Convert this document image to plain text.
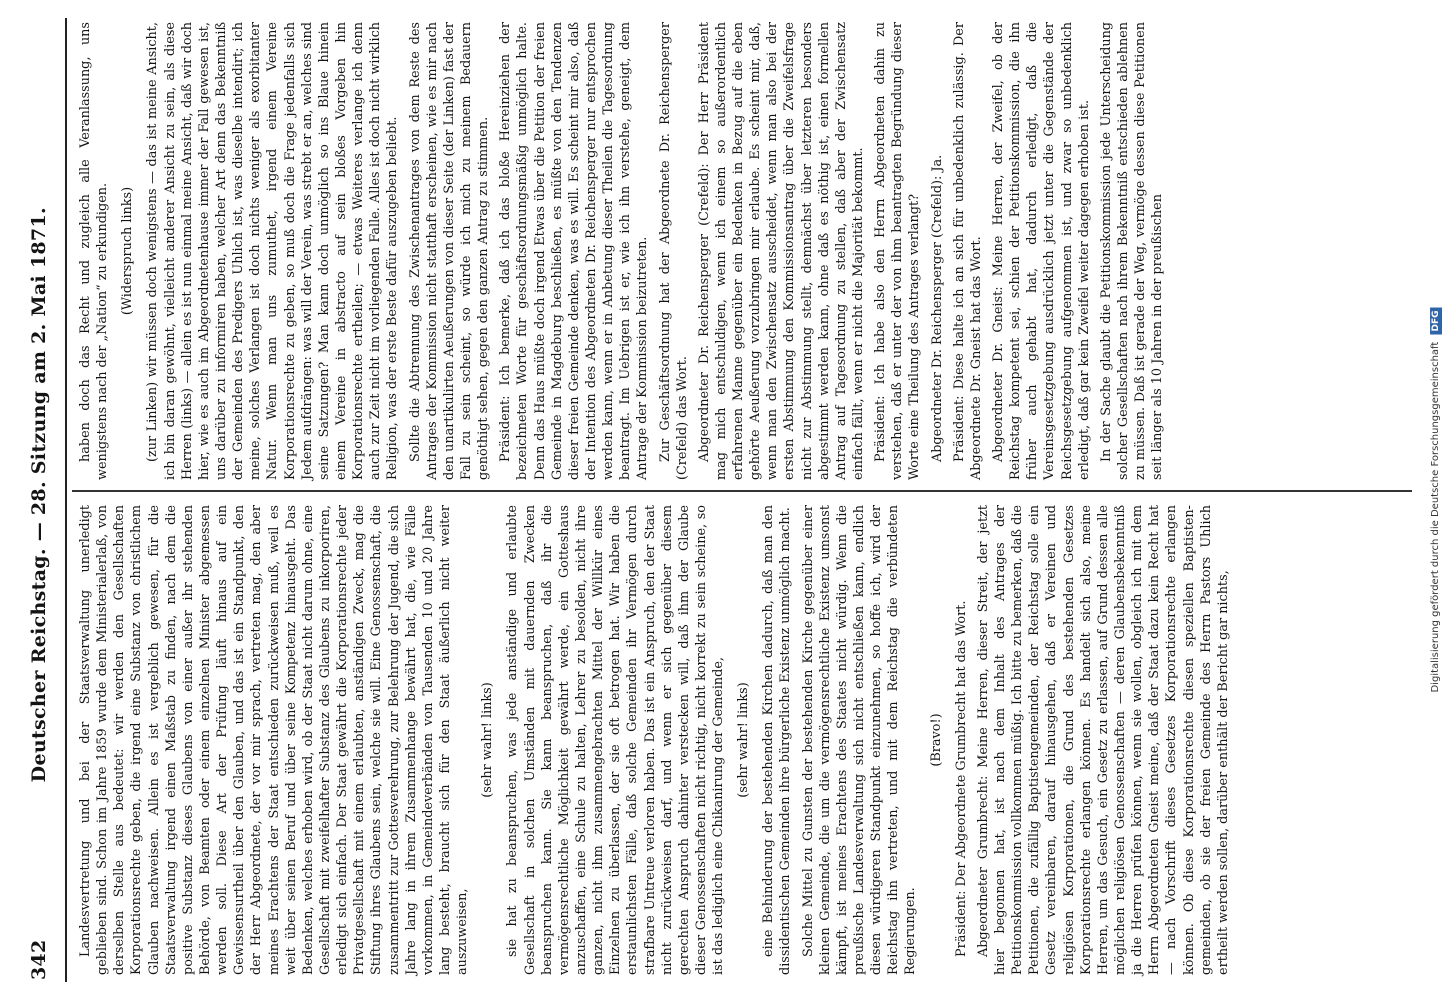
342
Deutscher Reichstag. — 28. Sitzung am 2. Mai 1871. haben doch das Recht und zugleich alle Veranlassung, uns wenigstens nach der „Nation“ zu erkundigen. (Widerspruch links) (zur Linken) wir müssen doch wenigstens — das ist meine Ansicht, ich bin daran gewöhnt, vielleicht anderer Ansicht zu sein, als diese Herren (links) — allein es ist nun einmal meine Ansicht, daß wir doch hier, wie es auch im Abgeordnetenhause immer der Fall gewesen ist, uns darüber zu informiren haben, welcher Art denn das Bekenntniß der Gemeinden des Predigers Uhlich ist, was dieselbe intendirt; ich meine, solches Verlangen ist doch nichts weniger als exorbitanter Natur. Wenn man uns zumuthet, irgend einem Vereine Korporationsrechte zu geben, so muß doch die Frage jedenfalls sich Jedem aufdrängen: was will der Verein, was strebt er an, welches sind seine Satzungen? Man kann doch unmöglich so ins Blaue hinein einem Vereine in abstracto auf sein bloßes Vorgeben hin Korporationsrechte ertheilen; — etwas Weiteres verlange ich denn auch zur Zeit nicht im vorliegenden Falle. Alles ist doch nicht wirklich Religion, was der erste Beste dafür auszugeben beliebt. Sollte die Abtrennung des Zwischenantrages von dem Reste des Antrages der Kommission nicht statthaft erscheinen, wie es mir nach den unartikulirten Aeußerungen von dieser Seite (der Linken) fast der Fall zu sein scheint, so würde ich mich zu meinem Bedauern genöthigt sehen, gegen den ganzen Antrag zu stimmen. Präsident: Ich bemerke, daß ich das bloße Hereinziehen der bezeichneten Worte für geschäftsordnungsmäßig unmöglich halte. Denn das Haus müßte doch irgend Etwas über die Petition der freien Gemeinde in Magdeburg beschließen, es müßte von den Tendenzen dieser freien Gemeinde denken, was es will. Es scheint mir also, daß der Intention des Abgeordneten Dr. Reichensperger nur entsprochen werden kann, wenn er in Anbetung dieser Theilen die Tagesordnung beantragt. Im Uebrigen ist er, wie ich ihn verstehe, geneigt, dem Antrage der Kommission beizutreten. Zur Geschäftsordnung hat der Abgeordnete Dr. Reichensperger (Crefeld) das Wort. Abgeordneter Dr. Reichensperger (Crefeld): Der Herr Präsident mag mich entschuldigen, wenn ich einem so außerordentlich erfahrenen Manne gegenüber ein Bedenken in Bezug auf die eben gehörte Aeußerung vorzubringen mir erlaube. Es scheint mir, daß, wenn man den Zwischensatz ausscheidet, wenn man also bei der ersten Abstimmung den Kommissionsantrag über die Zweifelsfrage nicht zur Abstimmung stellt, demnächst über letzteren besonders abgestimmt werden kann, ohne daß es nöthig ist, einen formellen Antrag auf Tagesordnung zu stellen, daß aber der Zwischensatz einfach fällt, wenn er nicht die Majorität bekommt. Präsident: Ich habe also den Herrn Abgeordneten dahin zu verstehen, daß er unter der von ihm beantragten Begründung dieser Worte eine Theilung des Antrages verlangt? Abgeordneter Dr. Reichensperger (Crefeld): Ja. Präsident: Diese halte ich an sich für unbedenklich zulässig. Der Abgeordnete Dr. Gneist hat das Wort. Abgeordneter Dr. Gneist: Meine Herren, der Zweifel, ob der Reichstag kompetent sei, schien der Petitionskommission, die ihn früher auch gehabt hat, dadurch erledigt, daß die Vereinsgesetzgebung ausdrücklich jetzt unter die Gegenstände der Reichsgesetzgebung aufgenommen ist, und zwar so unbedenklich erledigt, daß gar kein Zweifel weiter dagegen erhoben ist. In der Sache glaubt die Petitionskommission jede Unterscheidung solcher Gesellschaften nach ihrem Bekenntniß entschieden ablehnen zu müssen. Daß ist gerade der Weg, vermöge dessen diese Petitionen seit länger als 10 Jahren in der preußischen

Landesvertretung und bei der Staatsverwaltung unerledigt geblieben sind. Schon im Jahre 1859 wurde dem Ministerialerlaß, von derselben Stelle aus bedeutet: wir werden den Gesellschaften Korporationsrechte geben, die irgend eine Substanz von christlichem Glauben nachweisen. Allein es ist vergeblich gewesen, für die Staatsverwaltung irgend einen Maßstab zu finden, nach dem die positive Substanz dieses Glaubens von einer außer ihr stehenden Behörde, von Beamten oder einem einzelnen Minister abgemessen werden soll. Diese Art der Prüfung läuft hinaus auf ein Gewissensurtheil über den Glauben, und das ist ein Standpunkt, den der Herr Abgeordnete, der vor mir sprach, vertreten mag, den aber meines Erachtens der Staat entschieden zurückweisen muß, weil es weit über seinen Beruf und über seine Kompetenz hinausgeht. Das Bedenken, welches erhoben wird, ob der Staat nicht darum ohne, eine Gesellschaft mit zweifelhafter Substanz des Glaubens zu inkorporiren, erledigt sich einfach. Der Staat gewährt die Korporationsrechte jeder Privatgesellschaft mit einem erlaubten, anständigen Zweck, mag die Stiftung ihres Glaubens sein, welche sie will. Eine Genossenschaft, die zusammentritt zur Gottesverehrung, zur Belehrung der Jugend, die sich Jahre lang in ihrem Zusammenhange bewährt hat, die, wie Fälle vorkommen, in Gemeindeverbänden von Tausenden 10 und 20 Jahre lang besteht, braucht sich für den Staat äußerlich nicht weiter auszuweisen,

(sehr wahr! links) sie hat zu beanspruchen, was jede anständige und erlaubte Gesellschaft in solchen Umständen mit dauernden Zwecken beanspruchen kann. Sie kann beanspruchen, daß ihr die vermögensrechtliche Möglichkeit gewährt werde, ein Gotteshaus anzuschaffen, eine Schule zu halten, Lehrer zu besolden, nicht ihre ganzen, nicht ihm zusammengebrachten Mittel der Willkür eines Einzelnen zu überlassen, der sie oft betrogen hat. Wir haben die erstaunlichsten Fälle, daß solche Gemeinden ihr Vermögen durch strafbare Untreue verloren haben. Das ist ein Anspruch, den der Staat nicht zurückweisen darf, und wenn er sich gegenüber diesem gerechten Anspruch dahinter verstecken will, daß ihm der Glaube dieser Genossenschaften nicht richtig, nicht korrekt zu sein scheine, so ist das lediglich eine Chikanirung der Gemeinde, (sehr wahr! links) eine Behinderung der bestehenden Kirchen dadurch, daß man den dissidentischen Gemeinden ihre bürgerliche Existenz unmöglich macht. Solche Mittel zu Gunsten der bestehenden Kirche gegenüber einer kleinen Gemeinde, die um die vermögensrechtliche Existenz umsonst kämpft, ist meines Erachtens des Staates nicht würdig. Wenn die preußische Landesverwaltung sich nicht entschließen kann, endlich diesen würdigeren Standpunkt einzunehmen, so hoffe ich, wird der Reichstag ihn vertreten, und mit dem Reichstag die verbündeten Regierungen.

(Bravo!) Präsident: Der Abgeordnete Grumbrecht hat das Wort. Abgeordneter Grumbrecht: Meine Herren, dieser Streit, der jetzt hier begonnen hat, ist nach dem Inhalt des Antrages der Petitionskommission vollkommen müßig. Ich bitte zu bemerken, daß die Petitionen, die zufällig Baptistengemeinden, der Reichstag solle ein Gesetz vereinbaren, darauf hinausgehen, daß er Vereinen und religiösen Korporationen, die Grund des bestehenden Gesetzes Korporationsrechte erlangen können. Es handelt sich also, meine Herren, um das Gesuch, ein Gesetz zu erlassen, auf Grund dessen alle möglichen religiösen Genossenschaften — deren Glaubensbekenntniß ja die Herren prüfen können, wenn sie wollen, obgleich ich mit dem Herrn Abgeordneten Gneist meine, daß der Staat dazu kein Recht hat — nach Vorschrift dieses Gesetzes Korporationsrechte erlangen können. Ob diese Korporationsrechte diesen speziellen Baptisten-gemeinden, ob sie der freien Gemeinde des Herrn Pastors Uhlich ertheilt werden sollen, darüber enthält der Bericht gar nichts,

Digitalisierung gefördert durch die Deutsche Forschungsgemeinschaft DFG
